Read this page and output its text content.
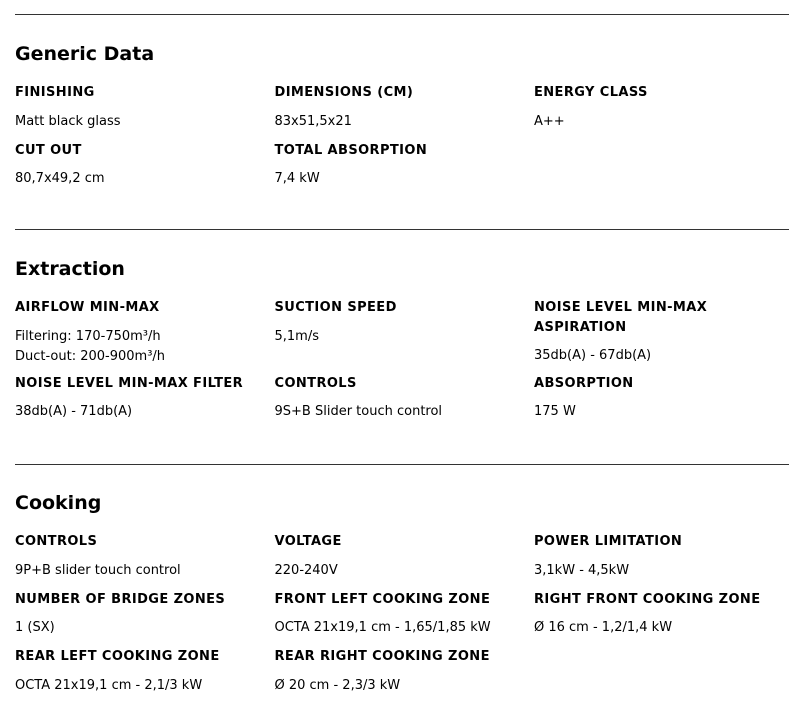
Generic Data
FINISHING
Matt black glass
DIMENSIONS (CM)
83x51,5x21
ENERGY CLASS
A++
CUT OUT
80,7x49,2 cm
TOTAL ABSORPTION
7,4 kW
Extraction
AIRFLOW MIN-MAX
Filtering: 170-750m³/h
Duct-out: 200-900m³/h
SUCTION SPEED
5,1m/s
NOISE LEVEL MIN-MAX ASPIRATION
35db(A) - 67db(A)
NOISE LEVEL MIN-MAX FILTER
38db(A) - 71db(A)
CONTROLS
9S+B Slider touch control
ABSORPTION
175 W
Cooking
CONTROLS
9P+B slider touch control
VOLTAGE
220-240V
POWER LIMITATION
3,1kW - 4,5kW
NUMBER OF BRIDGE ZONES
1 (SX)
FRONT LEFT COOKING ZONE
OCTA 21x19,1 cm - 1,65/1,85 kW
RIGHT FRONT COOKING ZONE
Ø 16 cm - 1,2/1,4 kW
REAR LEFT COOKING ZONE
OCTA 21x19,1 cm - 2,1/3 kW
REAR RIGHT COOKING ZONE
Ø 20 cm - 2,3/3 kW
